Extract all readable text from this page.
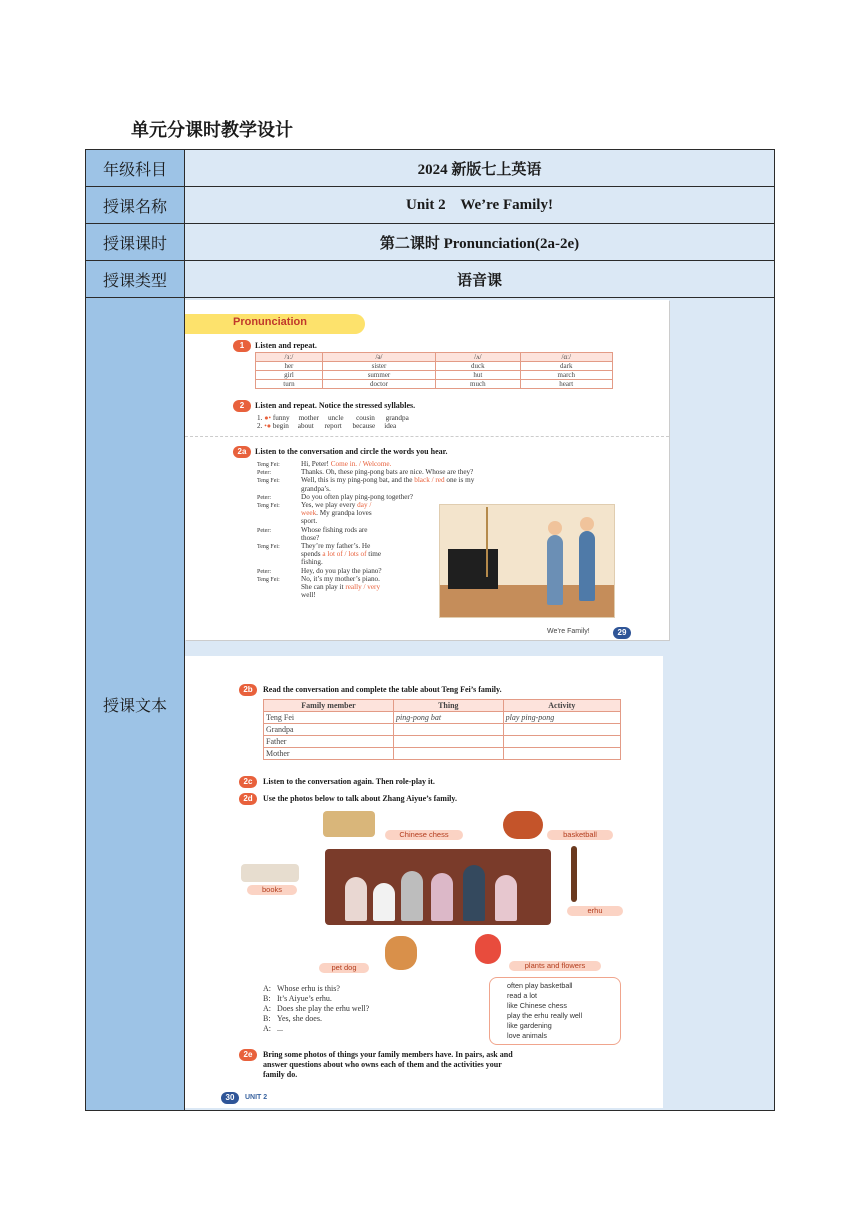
单元分课时教学设计
年级科目	2024 新版七上英语
授课名称	Unit 2    We’re Family!
授课课时	第二课时 Pronunciation(2a-2e)
授课类型	语音课
授课文本	
Pronunciation
1	Listen and repeat.
/ɜː/	/ə/	/ʌ/	/ɑː/
her	sister	duck	dark
girl	summer	hut	march
turn	doctor	much	heart
2	Listen and repeat. Notice the stressed syllables.
1. ●• funny     mother     uncle       cousin      grandpa
2. •● begin     about      report      because     idea
2a	Listen to the conversation and circle the words you hear.
Teng Fei:	Hi, Peter! Come in. / Welcome.
Peter:	Thanks. Oh, these ping-pong bats are nice. Whose are they?
Teng Fei:	Well, this is my ping-pong bat, and the black / red one is my
grandpa’s.
Peter:	Do you often play ping-pong together?
Teng Fei:	Yes, we play every day /
week. My grandpa loves
sport.
Peter:	Whose fishing rods are
those?
Teng Fei:	They’re my father’s. He
spends a lot of / lots of time
fishing.
Peter:	Hey, do you play the piano?
Teng Fei:	No, it’s my mother’s piano.
She can play it really / very
well!
We’re Family!	29
2b	Read the conversation and complete the table about Teng Fei’s family.
Family member	Thing	Activity
Teng Fei	ping-pong bat	play ping-pong
Grandpa		
Father		
Mother		
2c	Listen to the conversation again. Then role-play it.
2d	Use the photos below to talk about Zhang Aiyue’s family.
Chinese chess	basketball
books
erhu
pet dog	plants and flowers
A: Whose erhu is this?
B: It’s Aiyue’s erhu.
A: Does she play the erhu well?
B: Yes, she does.
A: ...
often play basketball
read a lot
like Chinese chess
play the erhu really well
like gardening
love animals
2e	Bring some photos of things your family members have. In pairs, ask and
answer questions about who owns each of them and the activities your
family do.
30	UNIT 2
